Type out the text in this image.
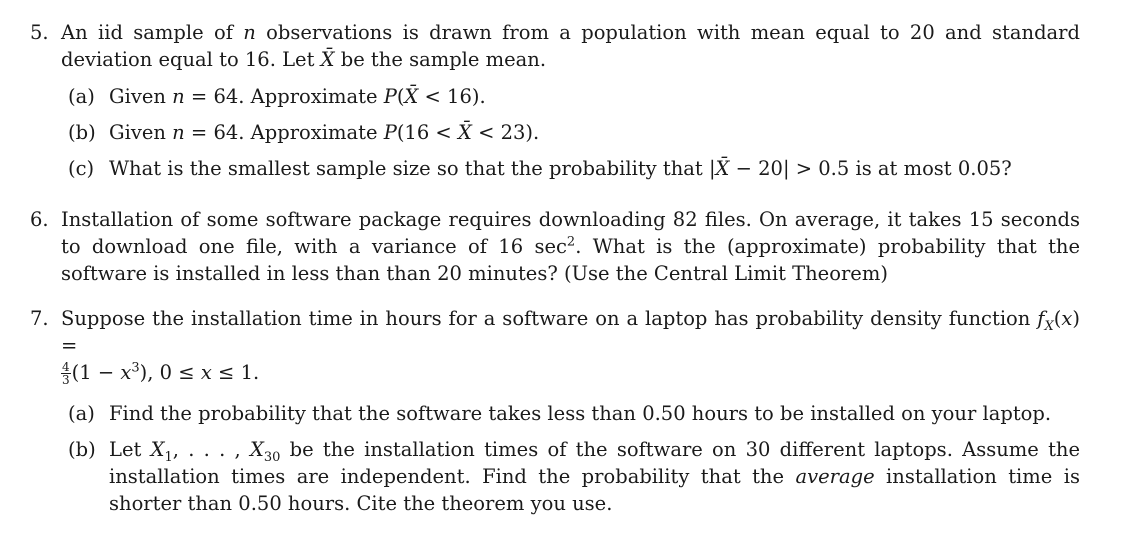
5. An iid sample of n observations is drawn from a population with mean equal to 20 and standard deviation equal to 16. Let X̄ be the sample mean.
(a) Given n = 64. Approximate P(X̄ < 16).
(b) Given n = 64. Approximate P(16 < X̄ < 23).
(c) What is the smallest sample size so that the probability that |X̄ − 20| > 0.5 is at most 0.05?
6. Installation of some software package requires downloading 82 files. On average, it takes 15 seconds to download one file, with a variance of 16 $\sec^2$. What is the (approximate) probability that the software is installed in less than than 20 minutes? (Use the Central Limit Theorem)
7. Suppose the installation time in hours for a software on a laptop has probability density function $f_X(x)$ =

$\frac{4}{3} (1 - x^3)$, 0 ≤ x ≤ 1.
(a) Find the probability that the software takes less than 0.50 hours to be installed on your laptop.
(b) Let $X_1$, . . . , $X_{30}$ be the installation times of the software on 30 different laptops. Assume the installation times are independent. Find the probability that the average installation time is shorter than 0.50 hours. Cite the theorem you use.
